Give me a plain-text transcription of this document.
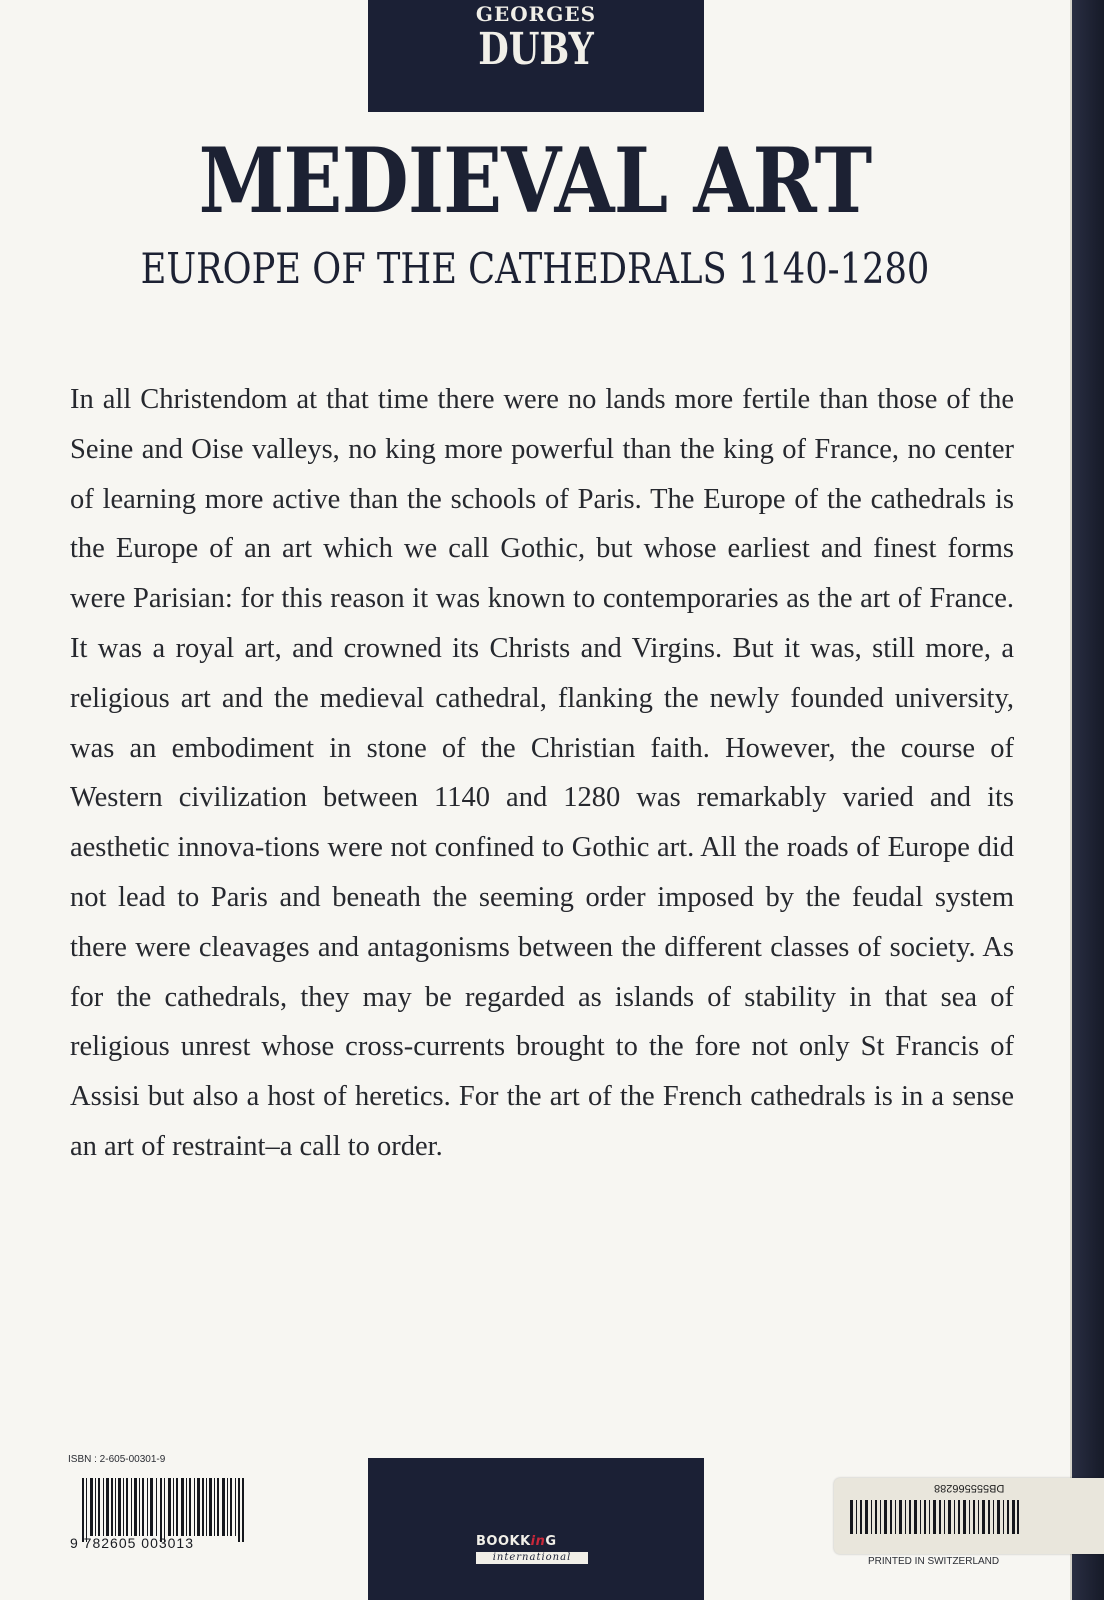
GEORGES
DUBY
MEDIEVAL ART
EUROPE OF THE CATHEDRALS 1140-1280
In all Christendom at that time there were no lands more fertile than those of the Seine and Oise valleys, no king more powerful than the king of France, no center of learning more active than the schools of Paris. The Europe of the cathedrals is the Europe of an art which we call Gothic, but whose earliest and finest forms were Parisian: for this reason it was known to contemporaries as the art of France. It was a royal art, and crowned its Christs and Virgins. But it was, still more, a religious art and the medieval cathedral, flanking the newly founded university, was an embodiment in stone of the Christian faith. However, the course of Western civilization between 1140 and 1280 was remarkably varied and its aesthetic innova-tions were not confined to Gothic art. All the roads of Europe did not lead to Paris and beneath the seeming order imposed by the feudal system there were cleavages and antagonisms between the different classes of society. As for the cathedrals, they may be regarded as islands of stability in that sea of religious unrest whose cross-currents brought to the fore not only St Francis of Assisi but also a host of heretics. For the art of the French cathedrals is in a sense an art of restraint–a call to order.
ISBN : 2-605-00301-9
9 782605 003013	BOOKKinG
international	PRINTED IN SWITZERLAND
DB555566288
